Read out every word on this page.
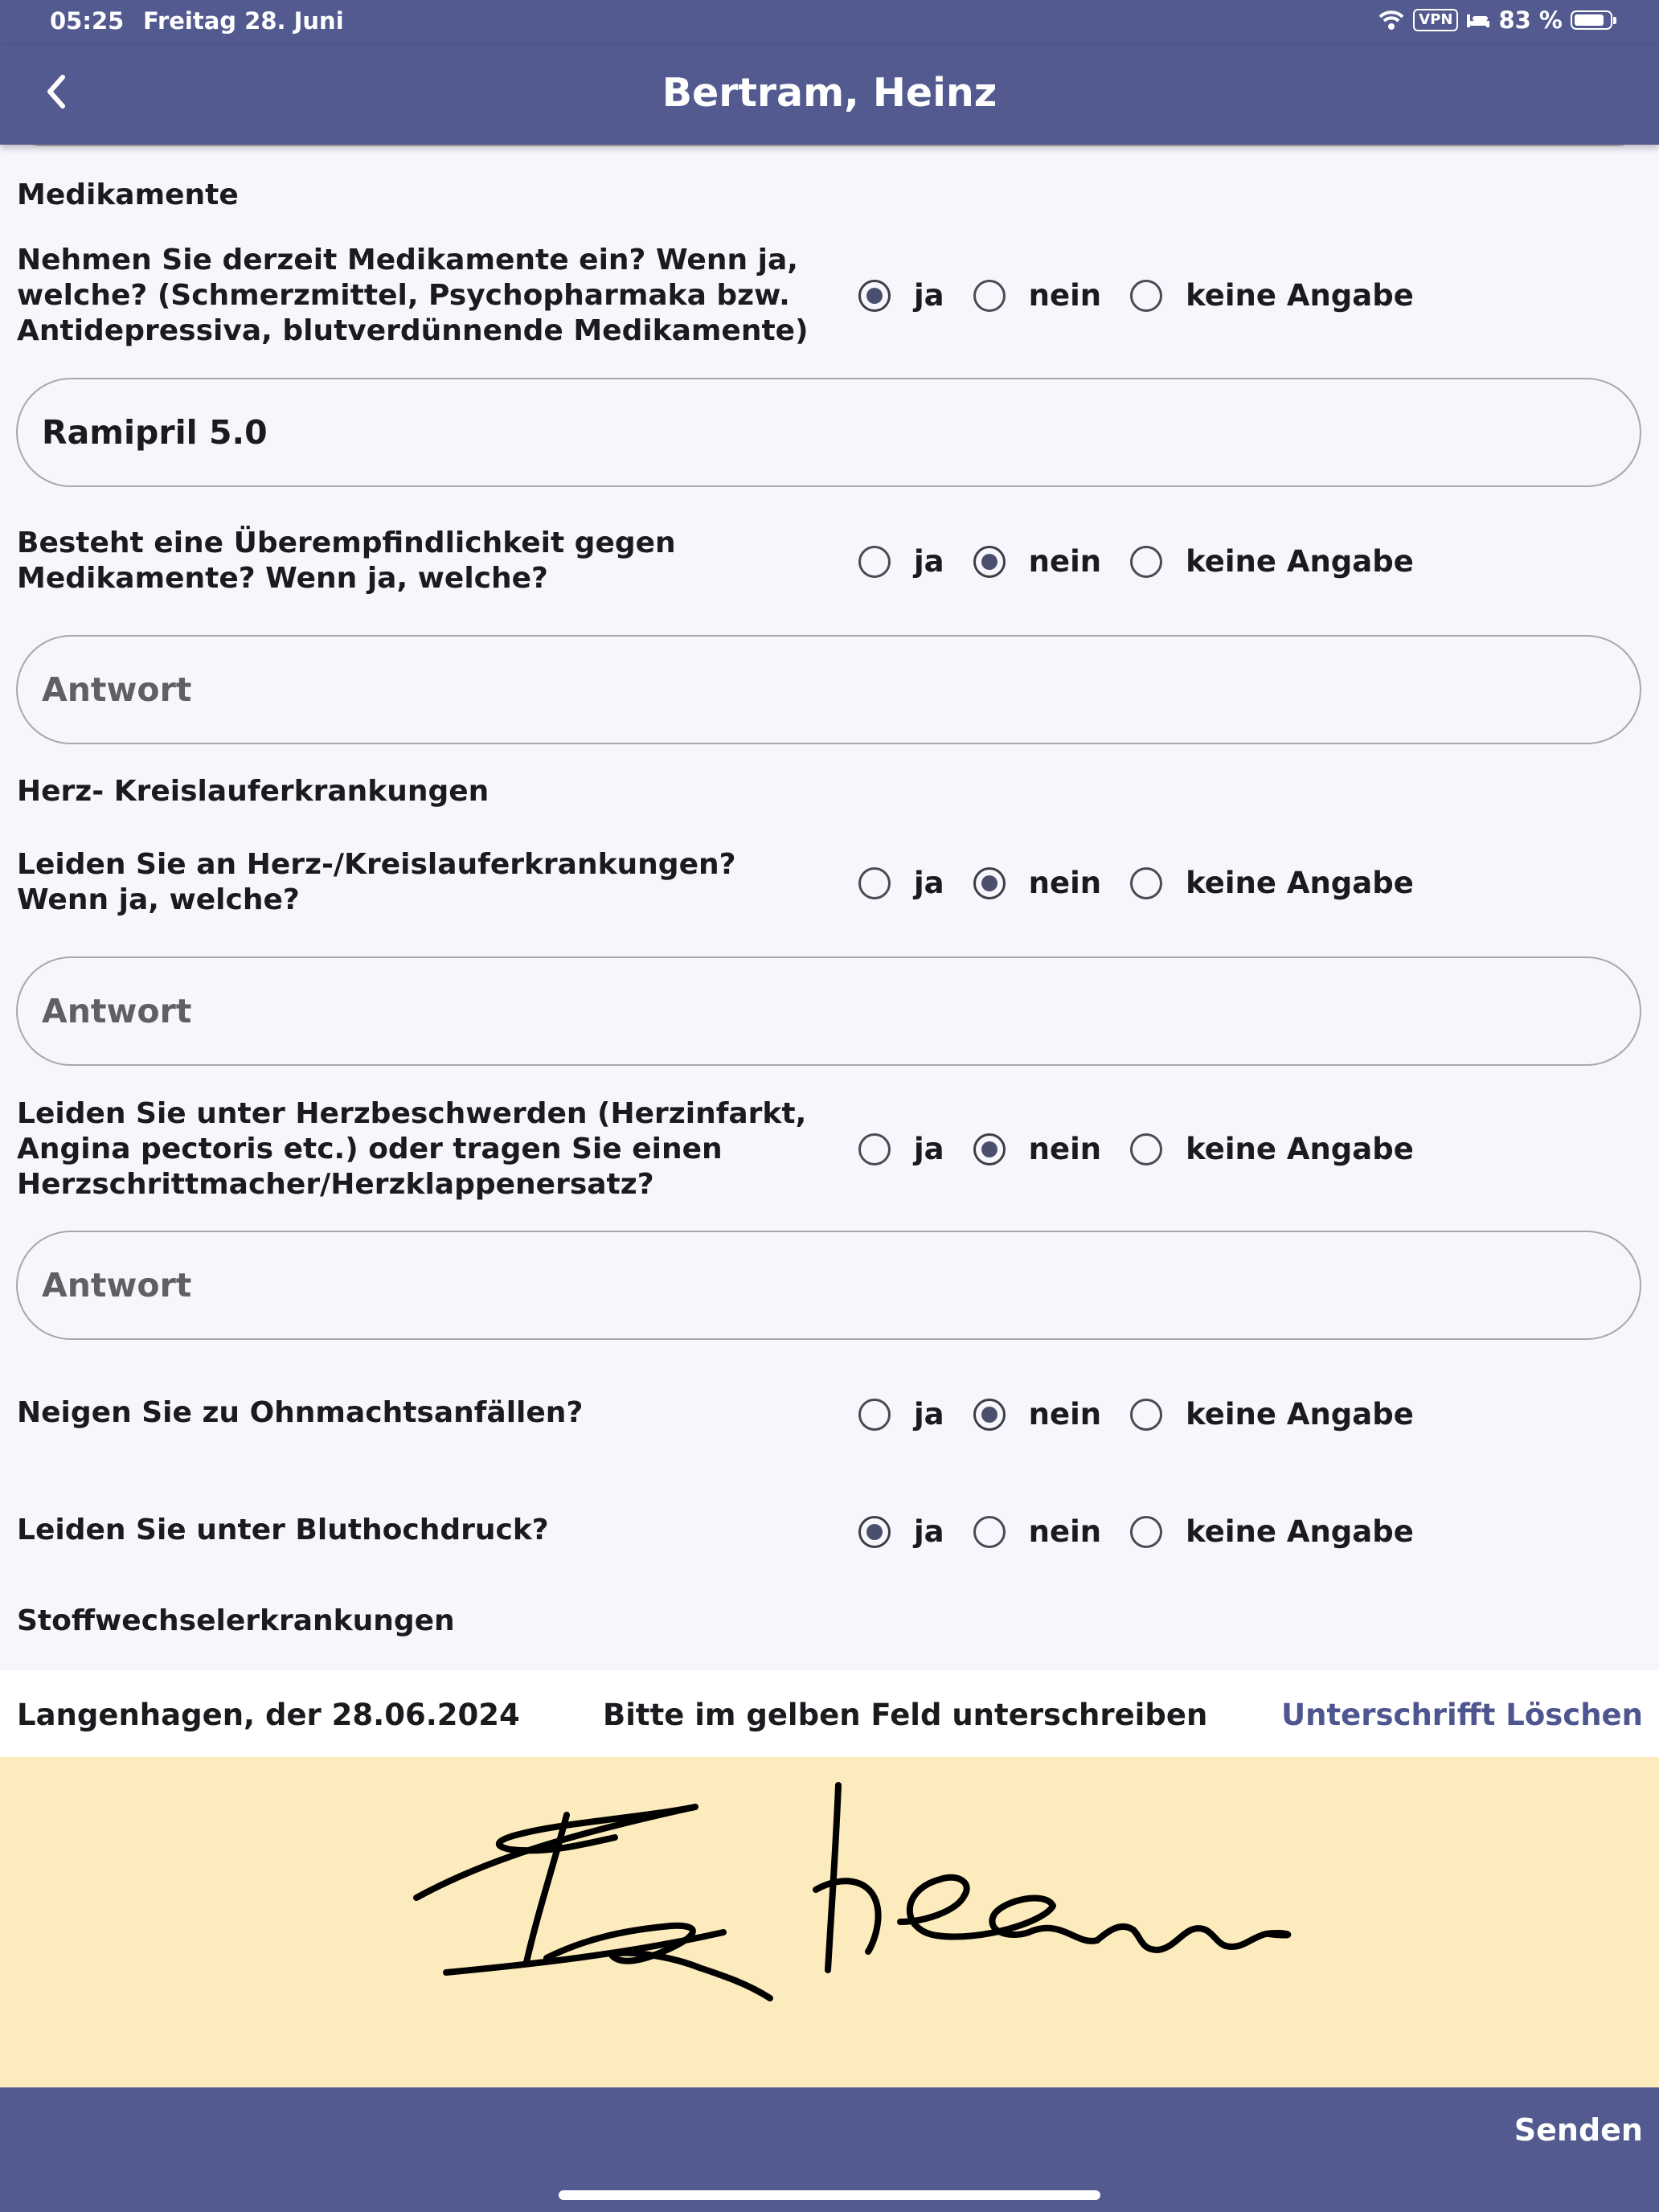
05:25 Freitag 28. Juni	VPN 83 %
Bertram, Heinz
Medikamente
Nehmen Sie derzeit Medikamente ein? Wenn ja,
welche? (Schmerzmittel, Psychopharmaka bzw.
Antidepressiva, blutverdünnende Medikamente)
ja	nein	keine Angabe
Ramipril 5.0
Besteht eine Überempfindlichkeit gegen
Medikamente? Wenn ja, welche?	ja	nein	keine Angabe
Antwort
Herz- Kreislauferkrankungen
Leiden Sie an Herz-/Kreislauferkrankungen?
Wenn ja, welche?	ja	nein	keine Angabe
Antwort
Leiden Sie unter Herzbeschwerden (Herzinfarkt,
Angina pectoris etc.) oder tragen Sie einen
Herzschrittmacher/Herzklappenersatz?
ja	nein	keine Angabe
Antwort
Neigen Sie zu Ohnmachtsanfällen?	ja	nein	keine Angabe
Leiden Sie unter Bluthochdruck?	ja	nein	keine Angabe
Stoffwechselerkrankungen
Langenhagen, der 28.06.2024	Bitte im gelben Feld unterschreiben Unterschrifft Löschen
Senden
